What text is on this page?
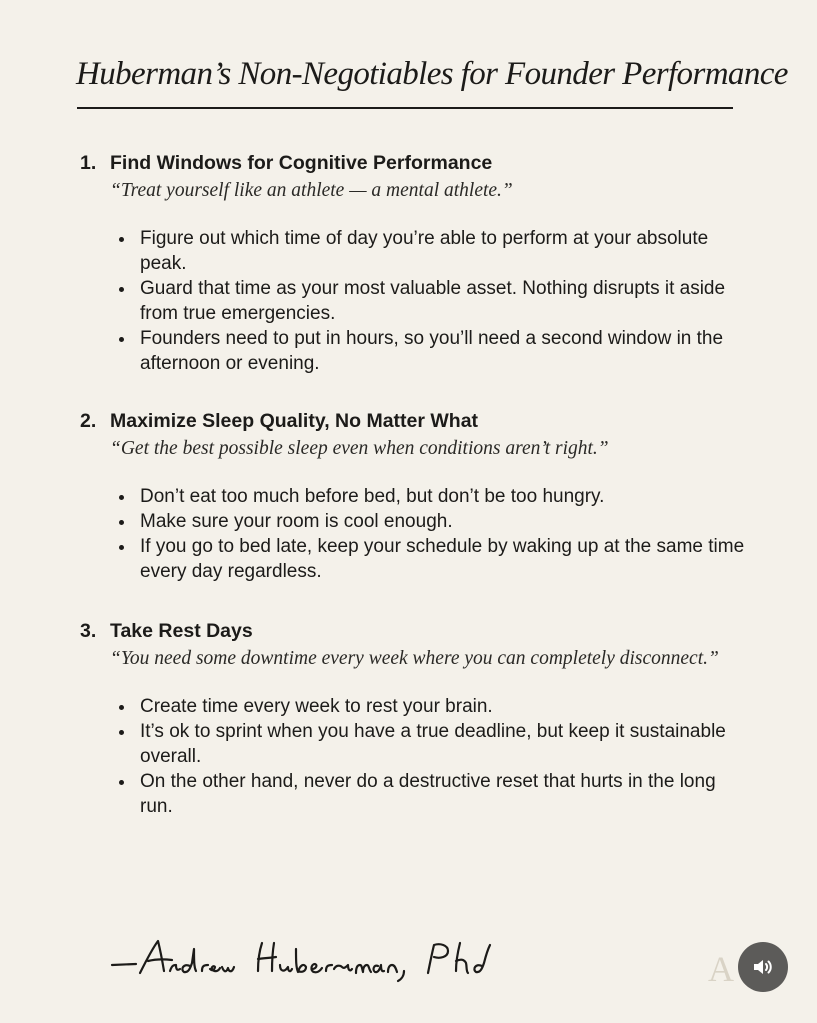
Huberman’s Non-Negotiables for Founder Performance
1. Find Windows for Cognitive Performance
“Treat yourself like an athlete — a mental athlete.”
Figure out which time of day you’re able to perform at your absolute peak.
Guard that time as your most valuable asset. Nothing disrupts it aside from true emergencies.
Founders need to put in hours, so you’ll need a second window in the afternoon or evening.
2. Maximize Sleep Quality, No Matter What
“Get the best possible sleep even when conditions aren’t right.”
Don’t eat too much before bed, but don’t be too hungry.
Make sure your room is cool enough.
If you go to bed late, keep your schedule by waking up at the same time every day regardless.
3. Take Rest Days
“You need some downtime every week where you can completely disconnect.”
Create time every week to rest your brain.
It’s ok to sprint when you have a true deadline, but keep it sustainable overall.
On the other hand, never do a destructive reset that hurts in the long run.
A
